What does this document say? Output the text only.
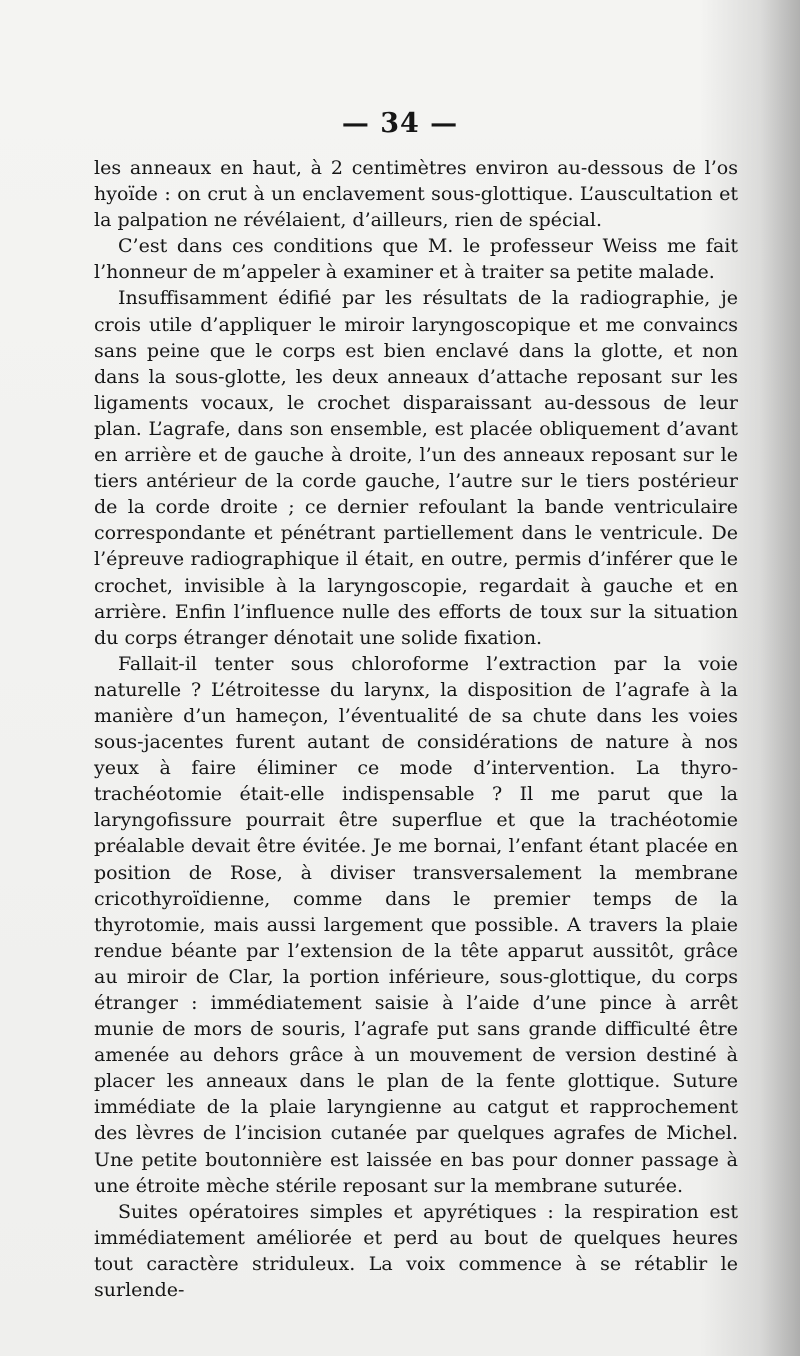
— 34 —

les anneaux en haut, à 2 centimètres environ au-dessous de l’os hyoïde : on crut à un enclavement sous-glottique. L’auscultation et la palpation ne révélaient, d’ailleurs, rien de spécial.

C’est dans ces conditions que M. le professeur Weiss me fait l’honneur de m’appeler à examiner et à traiter sa petite malade.

Insuffisamment édifié par les résultats de la radiographie, je crois utile d’appliquer le miroir laryngoscopique et me convaincs sans peine que le corps est bien enclavé dans la glotte, et non dans la sous-glotte, les deux anneaux d’attache reposant sur les ligaments vocaux, le crochet disparaissant au-dessous de leur plan. L’agrafe, dans son ensemble, est placée obliquement d’avant en arrière et de gauche à droite, l’un des anneaux reposant sur le tiers antérieur de la corde gauche, l’autre sur le tiers postérieur de la corde droite ; ce dernier refoulant la bande ventriculaire correspondante et pénétrant partiellement dans le ventricule. De l’épreuve radiographique il était, en outre, permis d’inférer que le crochet, invisible à la laryngoscopie, regardait à gauche et en arrière. Enfin l’influence nulle des efforts de toux sur la situation du corps étranger dénotait une solide fixation.

Fallait-il tenter sous chloroforme l’extraction par la voie naturelle ? L’étroitesse du larynx, la disposition de l’agrafe à la manière d’un hameçon, l’éventualité de sa chute dans les voies sous-jacentes furent autant de considérations de nature à nos yeux à faire éliminer ce mode d’intervention. La thyro-trachéotomie était-elle indispensable ? Il me parut que la laryngofissure pourrait être superflue et que la trachéotomie préalable devait être évitée. Je me bornai, l’enfant étant placée en position de Rose, à diviser transversalement la membrane cricothyroïdienne, comme dans le premier temps de la thyrotomie, mais aussi largement que possible. A travers la plaie rendue béante par l’extension de la tête apparut aussitôt, grâce au miroir de Clar, la portion inférieure, sous-glottique, du corps étranger : immédiatement saisie à l’aide d’une pince à arrêt munie de mors de souris, l’agrafe put sans grande difficulté être amenée au dehors grâce à un mouvement de version destiné à placer les anneaux dans le plan de la fente glottique. Suture immédiate de la plaie laryngienne au catgut et rapprochement des lèvres de l’incision cutanée par quelques agrafes de Michel. Une petite boutonnière est laissée en bas pour donner passage à une étroite mèche stérile reposant sur la membrane suturée.

Suites opératoires simples et apyrétiques : la respiration est immédiatement améliorée et perd au bout de quelques heures tout caractère striduleux. La voix commence à se rétablir le surlende-
